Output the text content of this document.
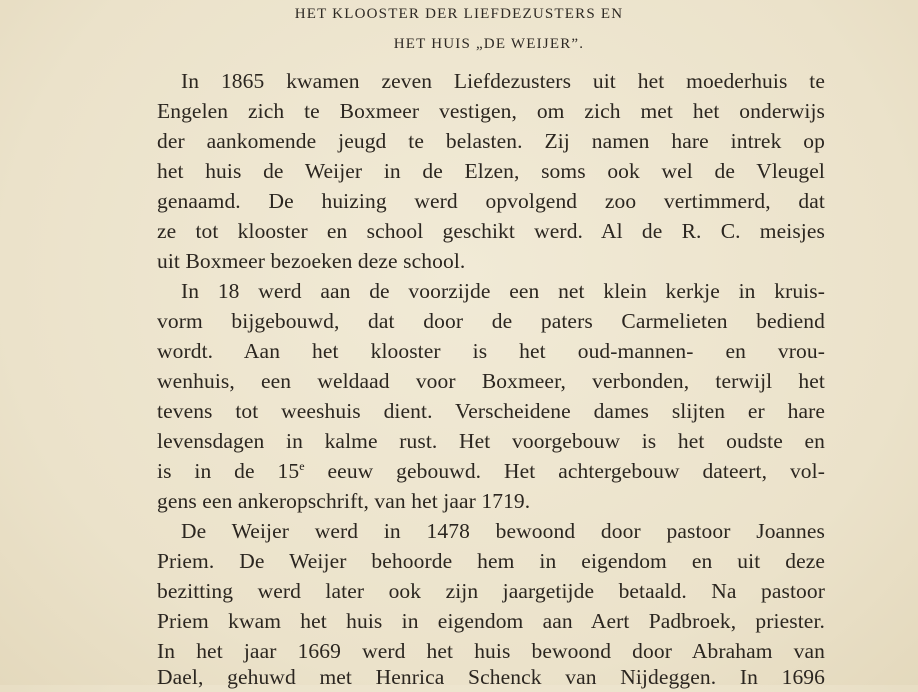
HET KLOOSTER DER LIEFDEZUSTERS EN
HET HUIS „DE WEIJER”.
In 1865 kwamen zeven Liefdezusters uit het moederhuis te
Engelen zich te Boxmeer vestigen, om zich met het onderwijs
der aankomende jeugd te belasten. Zij namen hare intrek op
het huis de Weijer in de Elzen, soms ook wel de Vleugel
genaamd. De huizing werd opvolgend zoo vertimmerd, dat
ze tot klooster en school geschikt werd. Al de R. C. meisjes
uit Boxmeer bezoeken deze school.
In 18 werd aan de voorzijde een net klein kerkje in kruis-
vorm bijgebouwd, dat door de paters Carmelieten bediend
wordt. Aan het klooster is het oud-mannen- en vrou-
wenhuis, een weldaad voor Boxmeer, verbonden, terwijl het
tevens tot weeshuis dient. Verscheidene dames slijten er hare
levensdagen in kalme rust. Het voorgebouw is het oudste en
is in de 15e eeuw gebouwd. Het achtergebouw dateert, vol-
gens een ankeropschrift, van het jaar 1719.
De Weijer werd in 1478 bewoond door pastoor Joannes
Priem. De Weijer behoorde hem in eigendom en uit deze
bezitting werd later ook zijn jaargetijde betaald. Na pastoor
Priem kwam het huis in eigendom aan Aert Padbroek, priester.
In het jaar 1669 werd het huis bewoond door Abraham van
Dael, gehuwd met Henrica Schenck van Nijdeggen. In 1696
